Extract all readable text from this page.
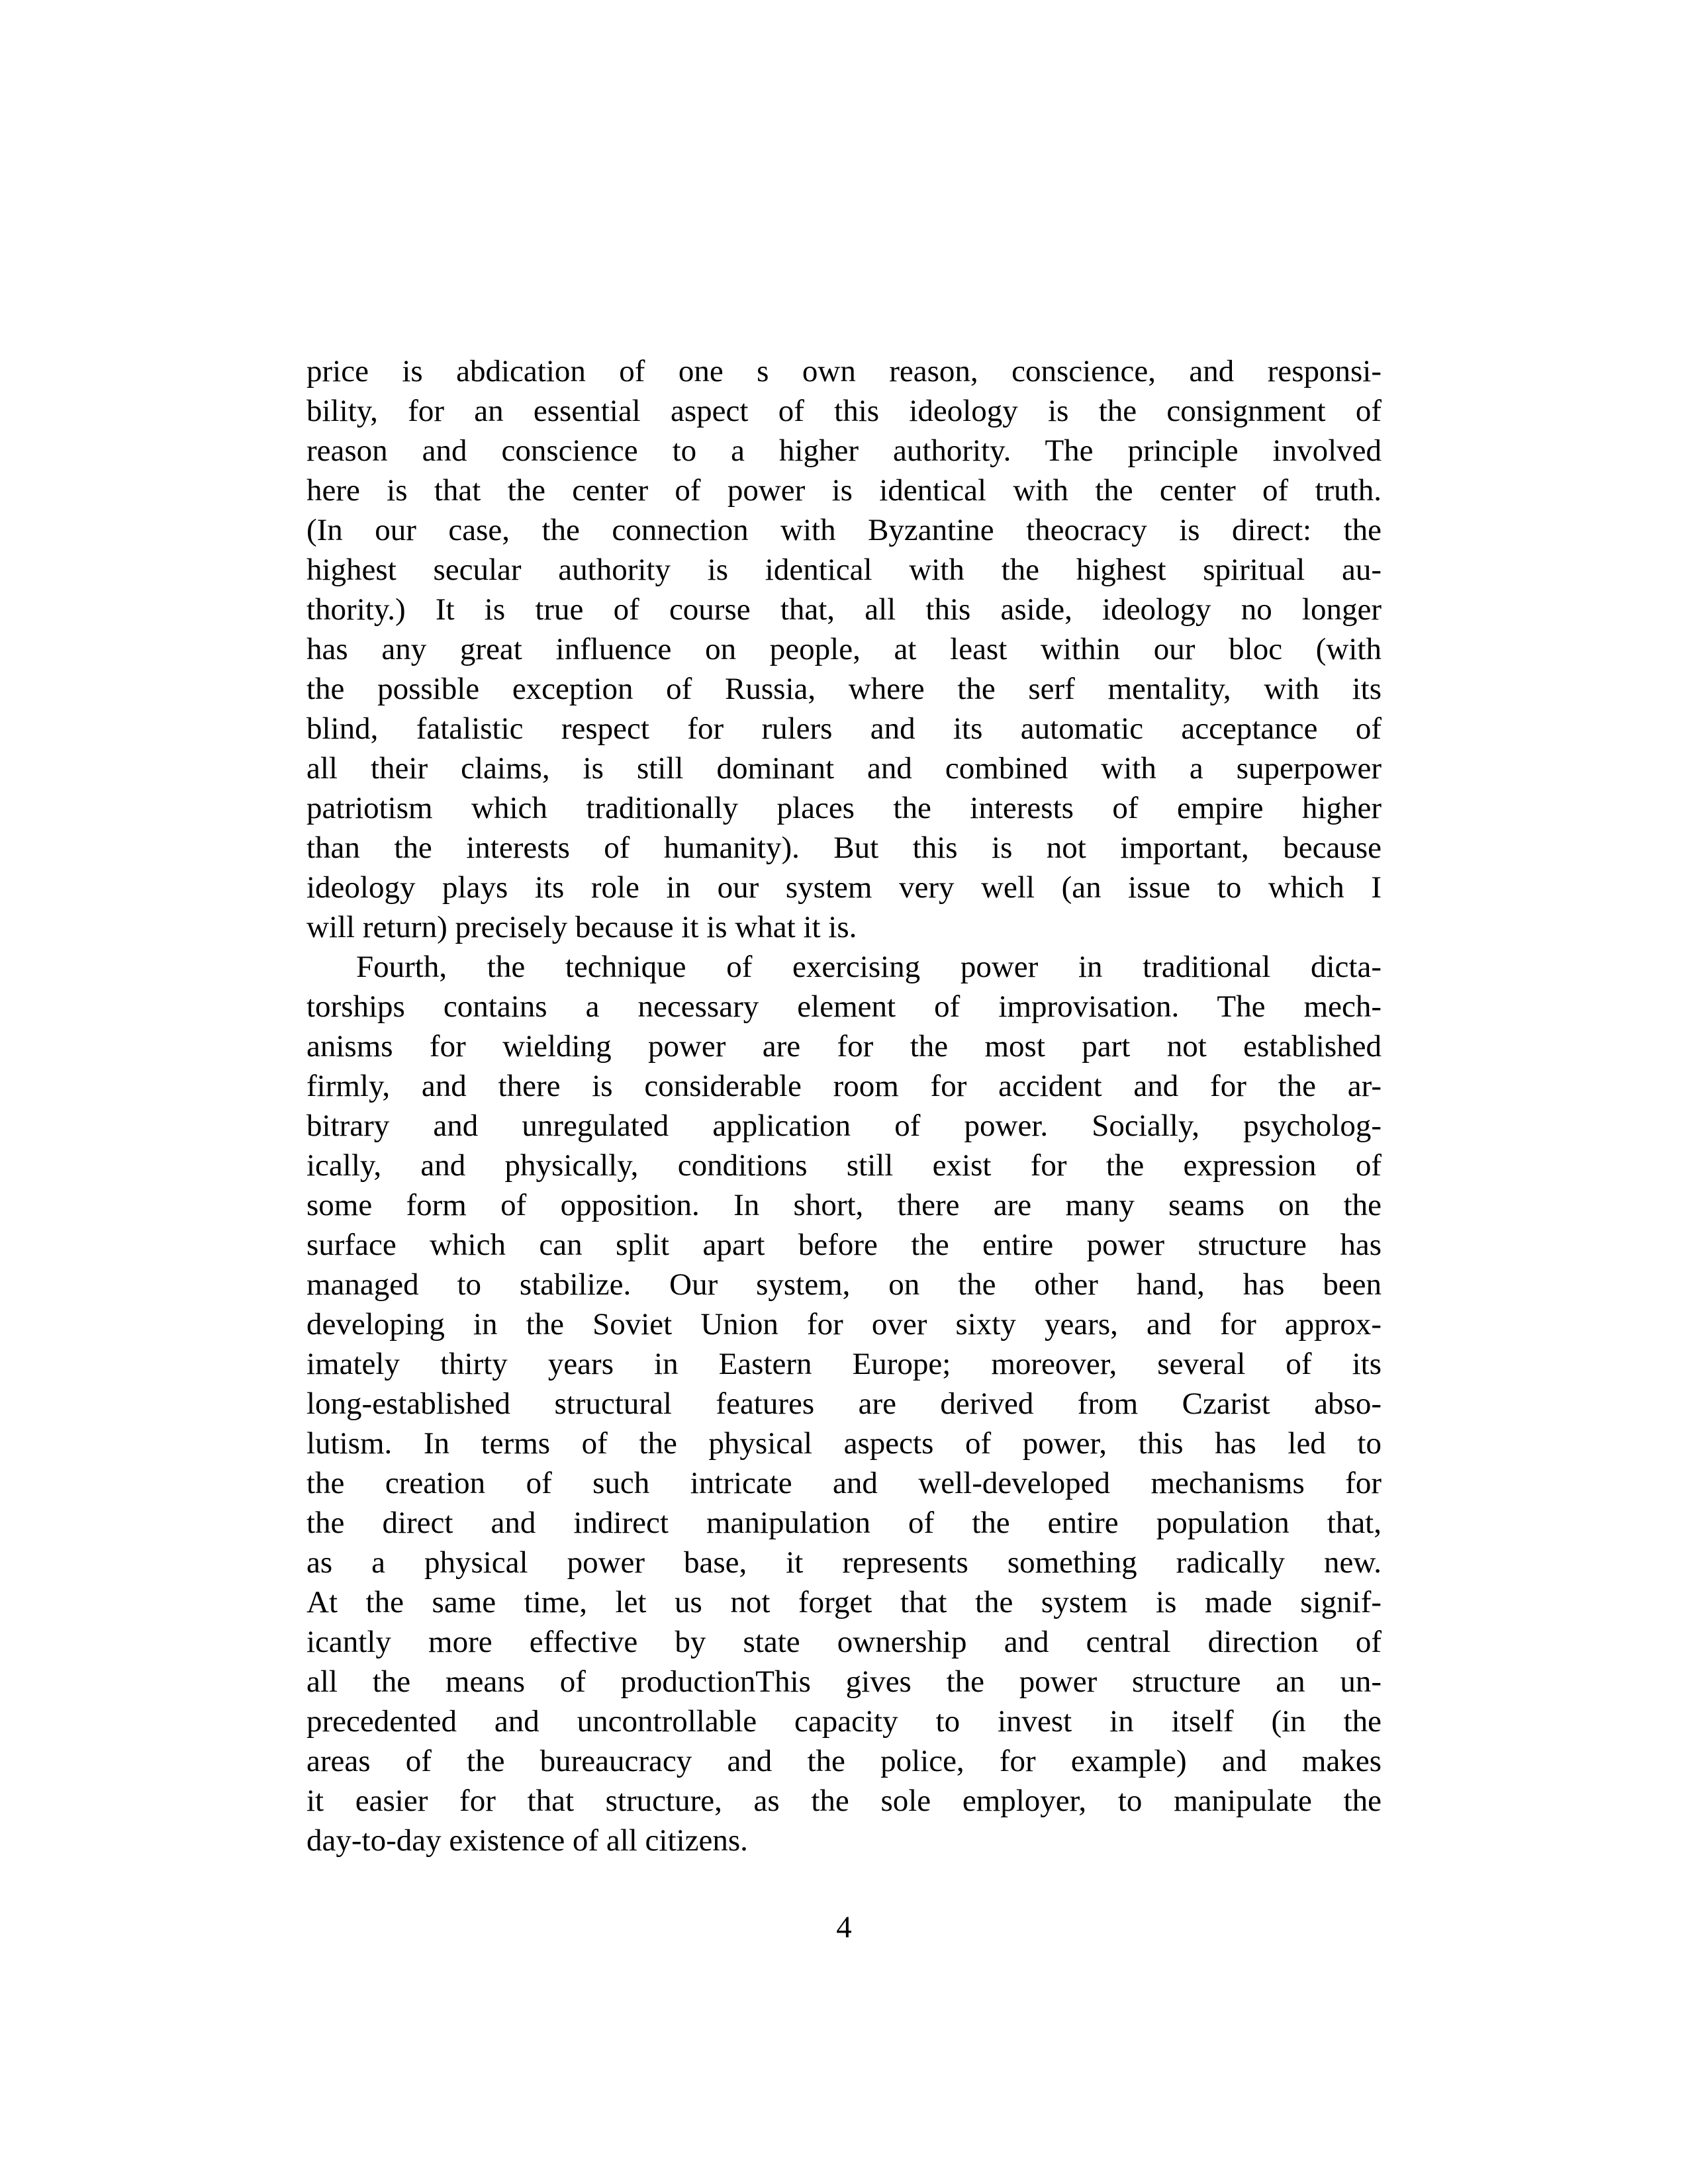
price is abdication of one s own reason, conscience, and responsi-
bility, for an essential aspect of this ideology is the consignment of
reason and conscience to a higher authority. The principle involved
here is that the center of power is identical with the center of truth.
(In our case, the connection with Byzantine theocracy is direct: the
highest secular authority is identical with the highest spiritual au-
thority.) It is true of course that, all this aside, ideology no longer
has any great influence on people, at least within our bloc (with
the possible exception of Russia, where the serf mentality, with its
blind, fatalistic respect for rulers and its automatic acceptance of
all their claims, is still dominant and combined with a superpower
patriotism which traditionally places the interests of empire higher
than the interests of humanity). But this is not important, because
ideology plays its role in our system very well (an issue to which I
will return) precisely because it is what it is.
Fourth, the technique of exercising power in traditional dicta-
torships contains a necessary element of improvisation. The mech-
anisms for wielding power are for the most part not established
firmly, and there is considerable room for accident and for the ar-
bitrary and unregulated application of power. Socially, psycholog-
ically, and physically, conditions still exist for the expression of
some form of opposition. In short, there are many seams on the
surface which can split apart before the entire power structure has
managed to stabilize. Our system, on the other hand, has been
developing in the Soviet Union for over sixty years, and for approx-
imately thirty years in Eastern Europe; moreover, several of its
long-established structural features are derived from Czarist abso-
lutism. In terms of the physical aspects of power, this has led to
the creation of such intricate and well-developed mechanisms for
the direct and indirect manipulation of the entire population that,
as a physical power base, it represents something radically new.
At the same time, let us not forget that the system is made signif-
icantly more effective by state ownership and central direction of
all the means of productionThis gives the power structure an un-
precedented and uncontrollable capacity to invest in itself (in the
areas of the bureaucracy and the police, for example) and makes
it easier for that structure, as the sole employer, to manipulate the
day-to-day existence of all citizens.
4
